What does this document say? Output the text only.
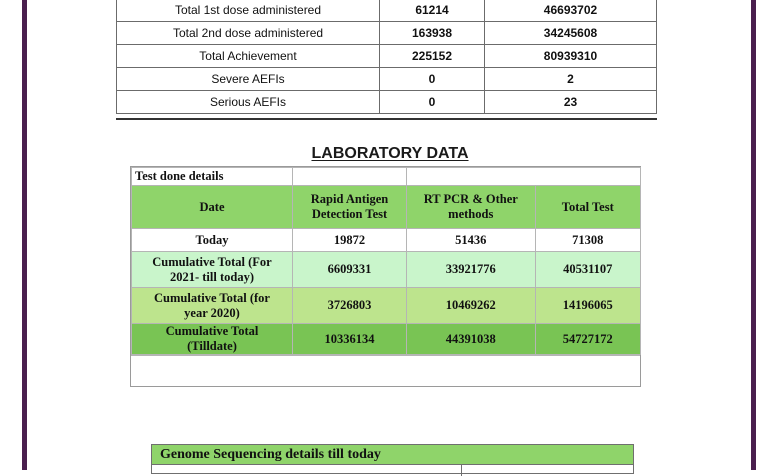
Total 1st dose administered	61214	46693702
Total 2nd dose administered	163938	34245608
Total Achievement	225152	80939310
Severe AEFIs	0	2
Serious AEFIs	0	23
LABORATORY DATA
Test done details			
Date	Rapid Antigen Detection Test	RT PCR & Other methods	Total Test
Today	19872	51436	71308
Cumulative Total (For 2021- till today)	6609331	33921776	40531107
Cumulative Total (for year 2020)	3726803	10469262	14196065
Cumulative Total (Tilldate)	10336134	44391038	54727172
Genome Sequencing details till today
